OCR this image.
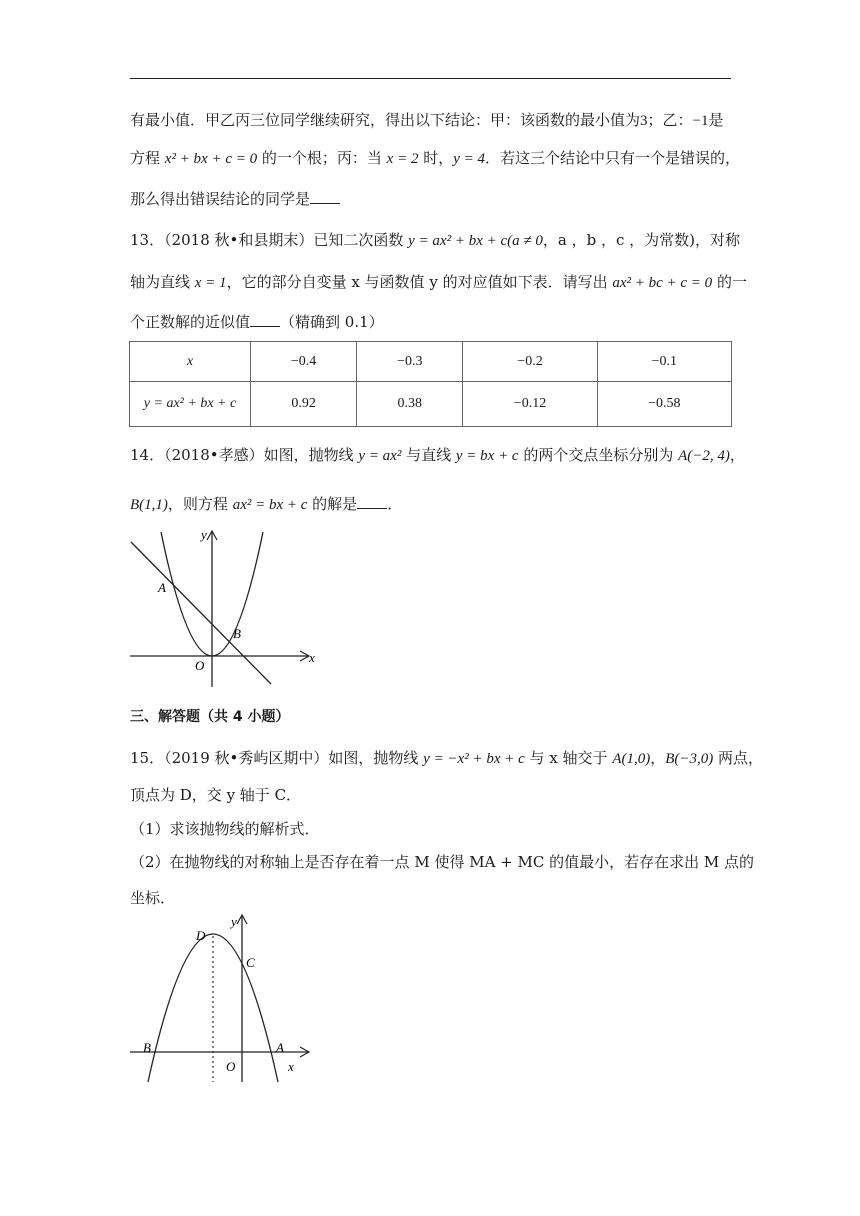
有最小值．甲乙丙三位同学继续研究，得出以下结论：甲：该函数的最小值为3；乙：−1是
方程 x² + bx + c = 0 的一个根；丙：当 x = 2 时，y = 4．若这三个结论中只有一个是错误的，
那么得出错误结论的同学是
13．（2018 秋•和县期末）已知二次函数 y = ax² + bx + c(a ≠ 0，a ，b ，c ，为常数)，对称
轴为直线 x = 1，它的部分自变量 x 与函数值 y 的对应值如下表．请写出 ax² + bc + c = 0 的一
个正数解的近似值 （精确到 0.1）
x	−0.4	−0.3	−0.2	−0.1
y = ax² + bx + c	0.92	0.38	−0.12	−0.58
14．（2018•孝感）如图，抛物线 y = ax² 与直线 y = bx + c 的两个交点坐标分别为 A(−2, 4)，
B(1,1)，则方程 ax² = bx + c 的解是 ．
A
B
O
x
y
三、解答题（共 4 小题）
15．（2019 秋•秀屿区期中）如图，抛物线 y = −x² + bx + c 与 x 轴交于 A(1,0)，B(−3,0) 两点，
顶点为 D，交 y 轴于 C．
（1）求该抛物线的解析式．
（2）在抛物线的对称轴上是否存在着一点 M 使得 MA + MC 的值最小，若存在求出 M 点的
坐标．
D
C
B	A
O	x
y
